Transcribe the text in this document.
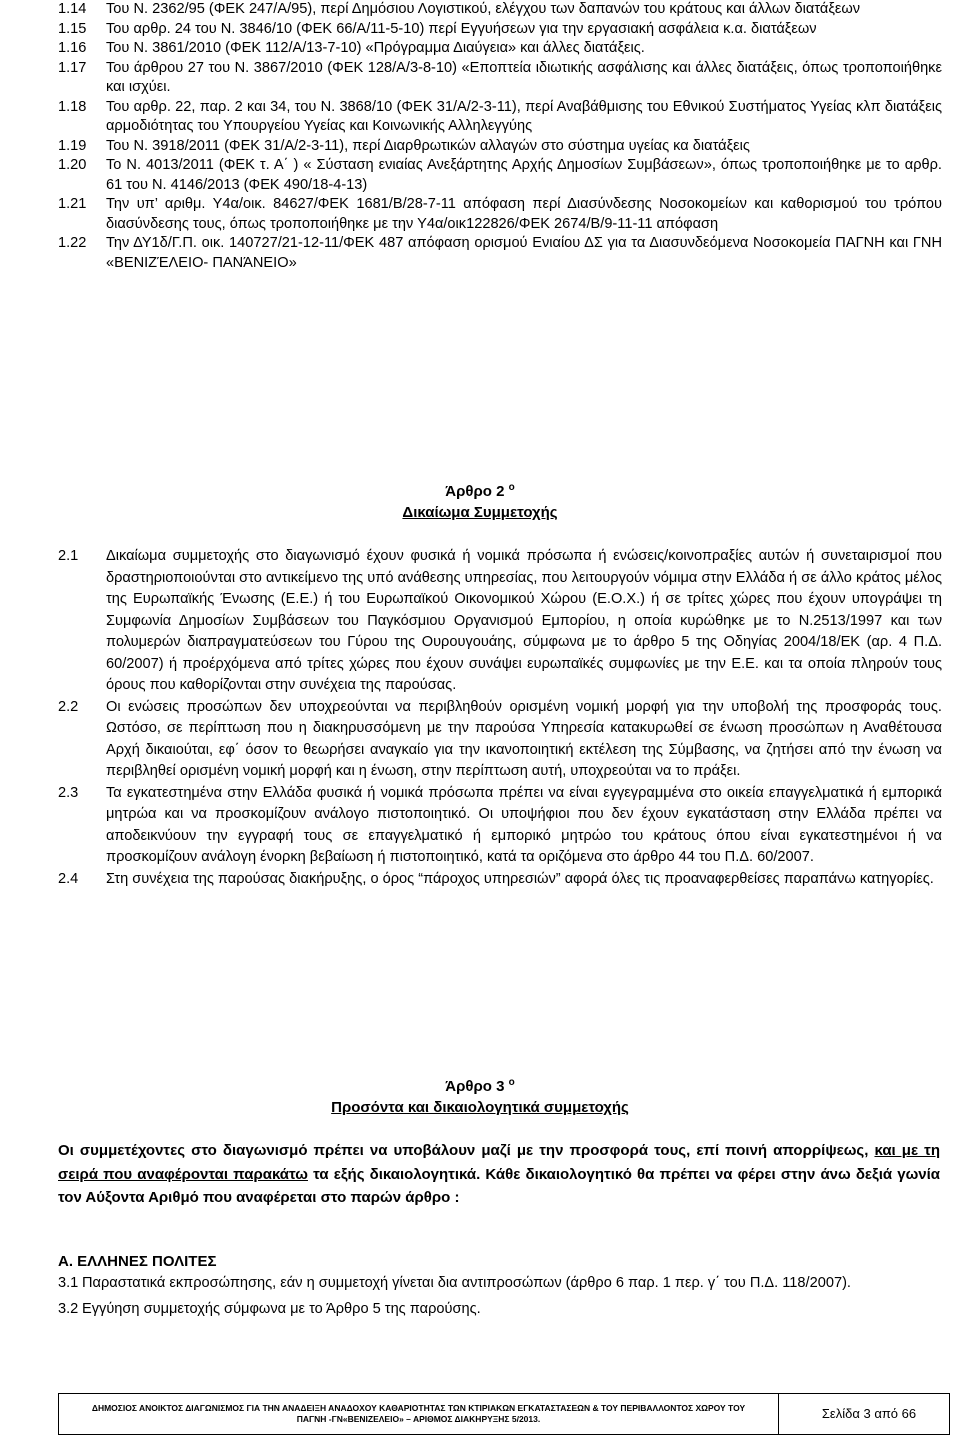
1.14 Του Ν. 2362/95 (ΦΕΚ 247/Α/95), περί Δημόσιου Λογιστικού, ελέγχου των δαπανών του κράτους και άλλων διατάξεων
1.15 Του αρθρ. 24 του Ν. 3846/10 (ΦΕΚ 66/Α/11-5-10) περί Εγγυήσεων για την εργασιακή ασφάλεια κ.α. διατάξεων
1.16 Του Ν. 3861/2010 (ΦΕΚ 112/Α/13-7-10) «Πρόγραμμα Διαύγεια» και άλλες διατάξεις.
1.17 Του άρθρου 27 του Ν. 3867/2010 (ΦΕΚ 128/Α/3-8-10) «Εποπτεία ιδιωτικής ασφάλισης και άλλες διατάξεις, όπως τροποποιήθηκε και ισχύει.
1.18 Του αρθρ. 22, παρ. 2 και 34, του Ν. 3868/10 (ΦΕΚ 31/Α/2-3-11), περί Αναβάθμισης του Εθνικού Συστήματος Υγείας κλπ διατάξεις αρμοδιότητας του Υπουργείου Υγείας και Κοινωνικής Αλληλεγγύης
1.19 Του Ν. 3918/2011 (ΦΕΚ 31/Α/2-3-11), περί Διαρθρωτικών αλλαγών στο σύστημα υγείας κα διατάξεις
1.20 Το Ν. 4013/2011 (ΦΕΚ τ. Α΄ ) « Σύσταση ενιαίας Ανεξάρτητης Αρχής Δημοσίων Συμβάσεων», όπως τροποποιήθηκε με το αρθρ. 61 του Ν. 4146/2013 (ΦΕΚ 490/18-4-13)
1.21 Την υπ’ αριθμ. Υ4α/οικ. 84627/ΦΕΚ 1681/Β/28-7-11 απόφαση περί Διασύνδεσης Νοσοκομείων και καθορισμού του τρόπου διασύνδεσης τους, όπως τροποποιήθηκε με την Υ4α/οικ122826/ΦΕΚ 2674/Β/9-11-11 απόφαση
1.22 Την ΔΥ1δ/Γ.Π. οικ. 140727/21-12-11/ΦΕΚ 487 απόφαση ορισμού Ενιαίου ΔΣ για τα Διασυνδεόμενα Νοσοκομεία ΠΑΓΝΗ και ΓΝΗ «ΒΕΝΙΖΈΛΕΙΟ- ΠΑΝΆΝΕΙΟ»
Άρθρο 2 $^o$
Δικαίωμα Συμμετοχής
2.1 Δικαίωμα συμμετοχής στο διαγωνισμό έχουν φυσικά ή νομικά πρόσωπα ή ενώσεις/κοινοπραξίες αυτών ή συνεταιρισμοί που δραστηριοποιούνται στο αντικείμενο της υπό ανάθεσης υπηρεσίας, που λειτουργούν νόμιμα στην Ελλάδα ή σε άλλο κράτος μέλος της Ευρωπαϊκής Ένωσης (Ε.Ε.) ή του Ευρωπαϊκού Οικονομικού Χώρου (Ε.Ο.Χ.) ή σε τρίτες χώρες που έχουν υπογράψει τη Συμφωνία Δημοσίων Συμβάσεων του Παγκόσμιου Οργανισμού Εμπορίου, η οποία κυρώθηκε με το Ν.2513/1997 και των πολυμερών διαπραγματεύσεων του Γύρου της Ουρουγουάης, σύμφωνα με το άρθρο 5 της Οδηγίας 2004/18/ΕΚ (αρ. 4 Π.Δ. 60/2007) ή προέρχόμενα από τρίτες χώρες που έχουν συνάψει ευρωπαϊκές συμφωνίες με την Ε.Ε. και τα οποία πληρούν τους όρους που καθορίζονται στην συνέχεια της παρούσας.
2.2 Οι ενώσεις προσώπων δεν υποχρεούνται να περιβληθούν ορισμένη νομική μορφή για την υποβολή της προσφοράς τους. Ωστόσο, σε περίπτωση που η διακηρυσσόμενη με την παρούσα Υπηρεσία κατακυρωθεί σε ένωση προσώπων η Αναθέτουσα Αρχή δικαιούται, εφ΄ όσον το θεωρήσει αναγκαίο για την ικανοποιητική εκτέλεση της Σύμβασης, να ζητήσει από την ένωση να περιβληθεί ορισμένη νομική μορφή και η ένωση, στην περίπτωση αυτή, υποχρεούται να το πράξει.
2.3 Τα εγκατεστημένα στην Ελλάδα φυσικά ή νομικά πρόσωπα πρέπει να είναι εγγεγραμμένα στο οικεία επαγγελματικά ή εμπορικά μητρώα και να προσκομίζουν ανάλογο πιστοποιητικό. Οι υποψήφιοι που δεν έχουν εγκατάσταση στην Ελλάδα πρέπει να αποδεικνύουν την εγγραφή τους σε επαγγελματικό ή εμπορικό μητρώο του κράτους όπου είναι εγκατεστημένοι ή να προσκομίζουν ανάλογη ένορκη βεβαίωση ή πιστοποιητικό, κατά τα οριζόμενα στο άρθρο 44 του Π.Δ. 60/2007.
2.4 Στη συνέχεια της παρούσας διακήρυξης, ο όρος “πάροχος υπηρεσιών” αφορά όλες τις προαναφερθείσες παραπάνω κατηγορίες.
Άρθρο 3 $^o$
Προσόντα και δικαιολογητικά συμμετοχής
Οι συμμετέχοντες στο διαγωνισμό πρέπει να υποβάλουν μαζί με την προσφορά τους, επί ποινή απορρίψεως, και με τη σειρά που αναφέρονται παρακάτω τα εξής δικαιολογητικά. Κάθε δικαιολογητικό θα πρέπει να φέρει στην άνω δεξιά γωνία τον Αύξοντα Αριθμό που αναφέρεται στο παρών άρθρο :
Α. ΕΛΛΗΝΕΣ ΠΟΛΙΤΕΣ
3.1 Παραστατικά εκπροσώπησης, εάν η συμμετοχή γίνεται δια αντιπροσώπων (άρθρο 6 παρ. 1 περ. γ΄ του Π.Δ. 118/2007).
3.2 Εγγύηση συμμετοχής σύμφωνα με το Άρθρο 5 της παρούσης.
ΔΗΜΟΣΙΟΣ ΑΝΟΙΚΤΟΣ ΔΙΑΓΩΝΙΣΜΟΣ ΓΙΑ ΤΗΝ ΑΝΑΔΕΙΞΗ ΑΝΑΔΟΧΟΥ ΚΑΘΑΡΙΟΤΗΤΑΣ ΤΩΝ ΚΤΙΡΙΑΚΩΝ ΕΓΚΑΤΑΣΤΑΣΕΩΝ & ΤΟΥ ΠΕΡΙΒΑΛΛΟΝΤΟΣ ΧΩΡΟΥ ΤΟΥ
ΠΑΓΝΗ -ΓΝ«ΒΕΝΙΖΕΛΕΙΟ» – ΑΡΙΘΜΟΣ ΔΙΑΚΗΡΥΞΗΣ 5/2013.	Σελίδα 3 από 66
